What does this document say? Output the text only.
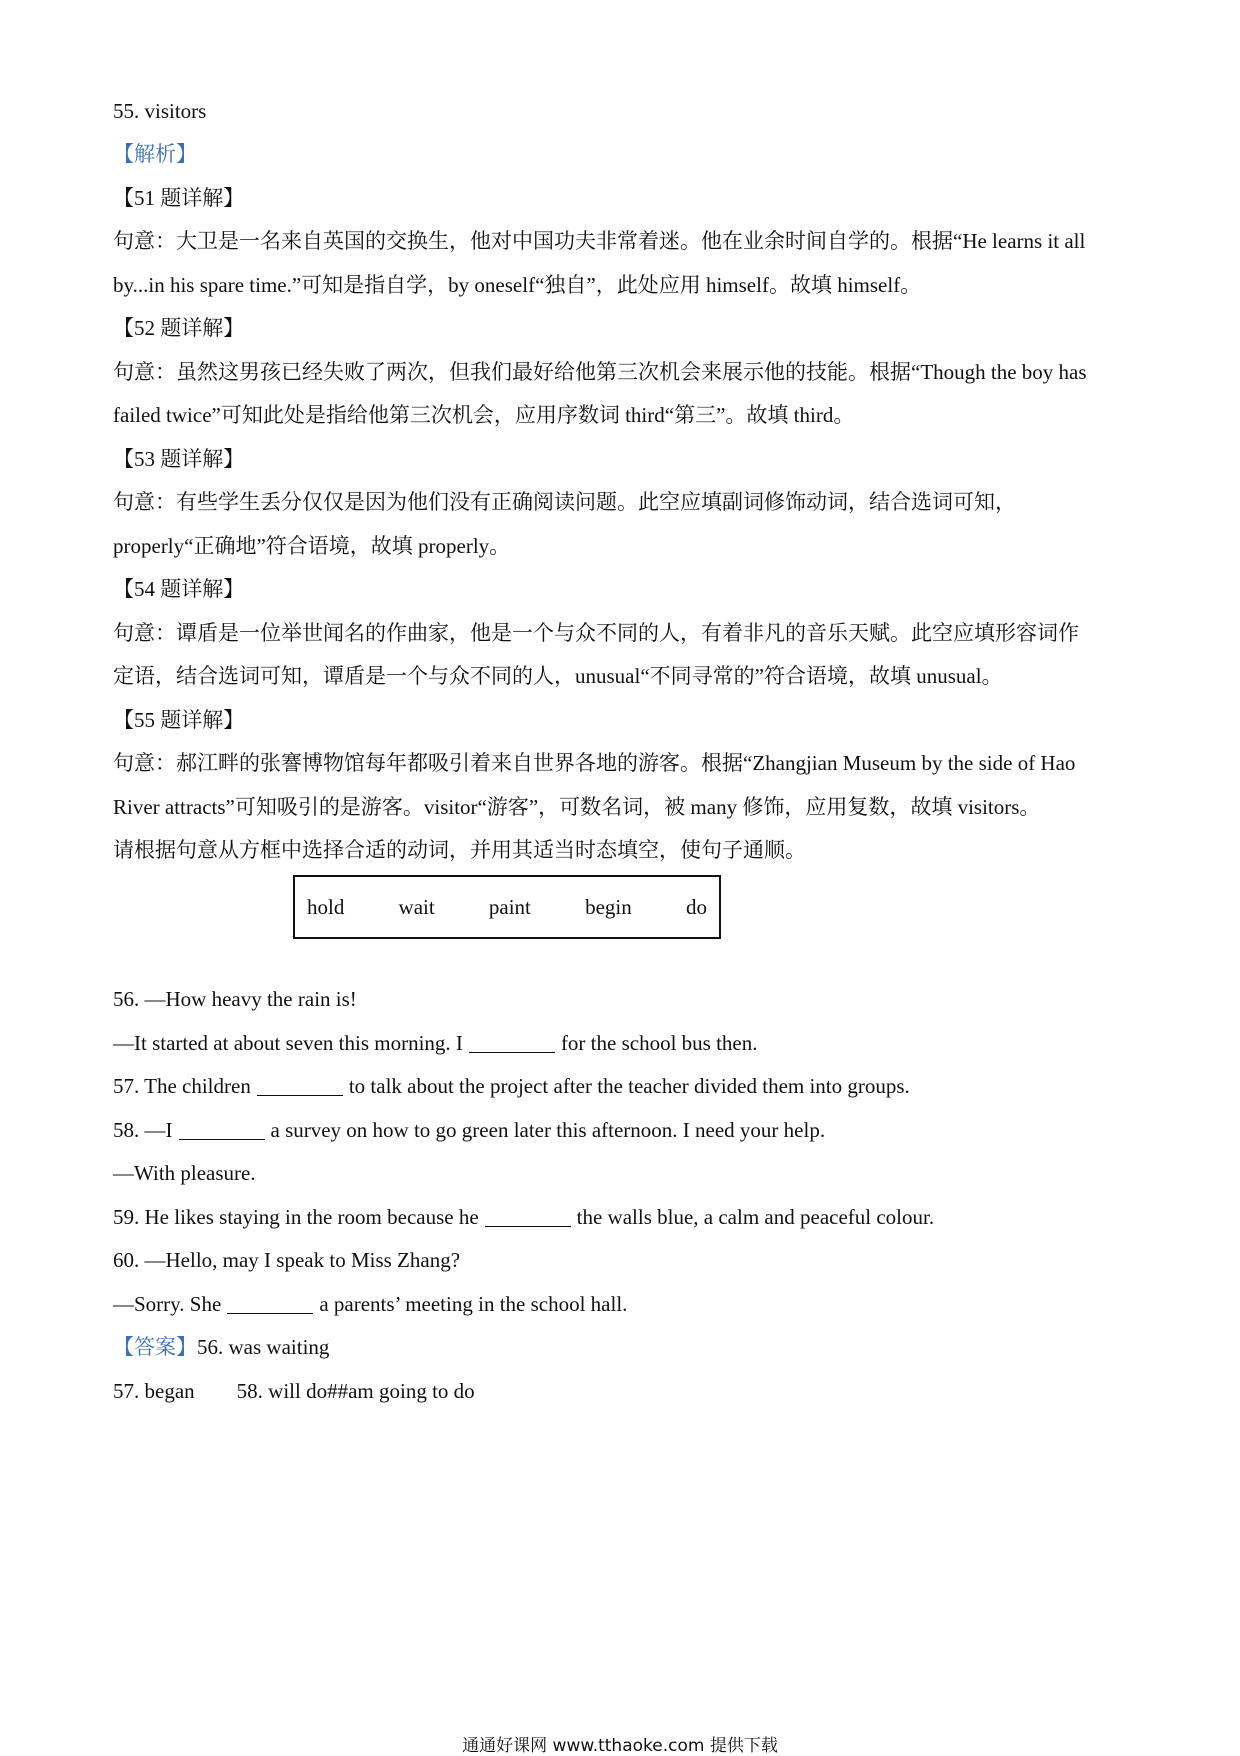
55. visitors
【解析】
【51 题详解】
句意：大卫是一名来自英国的交换生，他对中国功夫非常着迷。他在业余时间自学的。根据“He learns it all
by...in his spare time.”可知是指自学，by oneself“独自”，此处应用 himself。故填 himself。
【52 题详解】
句意：虽然这男孩已经失败了两次，但我们最好给他第三次机会来展示他的技能。根据“Though the boy has
failed twice”可知此处是指给他第三次机会，应用序数词 third“第三”。故填 third。
【53 题详解】
句意：有些学生丢分仅仅是因为他们没有正确阅读问题。此空应填副词修饰动词，结合选词可知，
properly“正确地”符合语境，故填 properly。
【54 题详解】
句意：谭盾是一位举世闻名的作曲家，他是一个与众不同的人，有着非凡的音乐天赋。此空应填形容词作
定语，结合选词可知，谭盾是一个与众不同的人，unusual“不同寻常的”符合语境，故填 unusual。
【55 题详解】
句意：郝江畔的张謇博物馆每年都吸引着来自世界各地的游客。根据“Zhangjian Museum by the side of Hao
River attracts”可知吸引的是游客。visitor“游客”，可数名词，被 many 修饰，应用复数，故填 visitors。
请根据句意从方框中选择合适的动词，并用其适当时态填空，使句子通顺。
hold	wait	paint	begin	do
56. —How heavy the rain is!
—It started at about seven this morning. I	for the school bus then.
57. The children	to talk about the project after the teacher divided them into groups.
58. —I	a survey on how to go green later this afternoon. I need your help.
—With pleasure.
59. He likes staying in the room because he	the walls blue, a calm and peaceful colour.
60. —Hello, may I speak to Miss Zhang?
—Sorry. She	a parents’ meeting in the school hall.
【答案】56. was waiting
57. began 58. will do##am going to do
通通好课网 www.tthaoke.com 提供下载
